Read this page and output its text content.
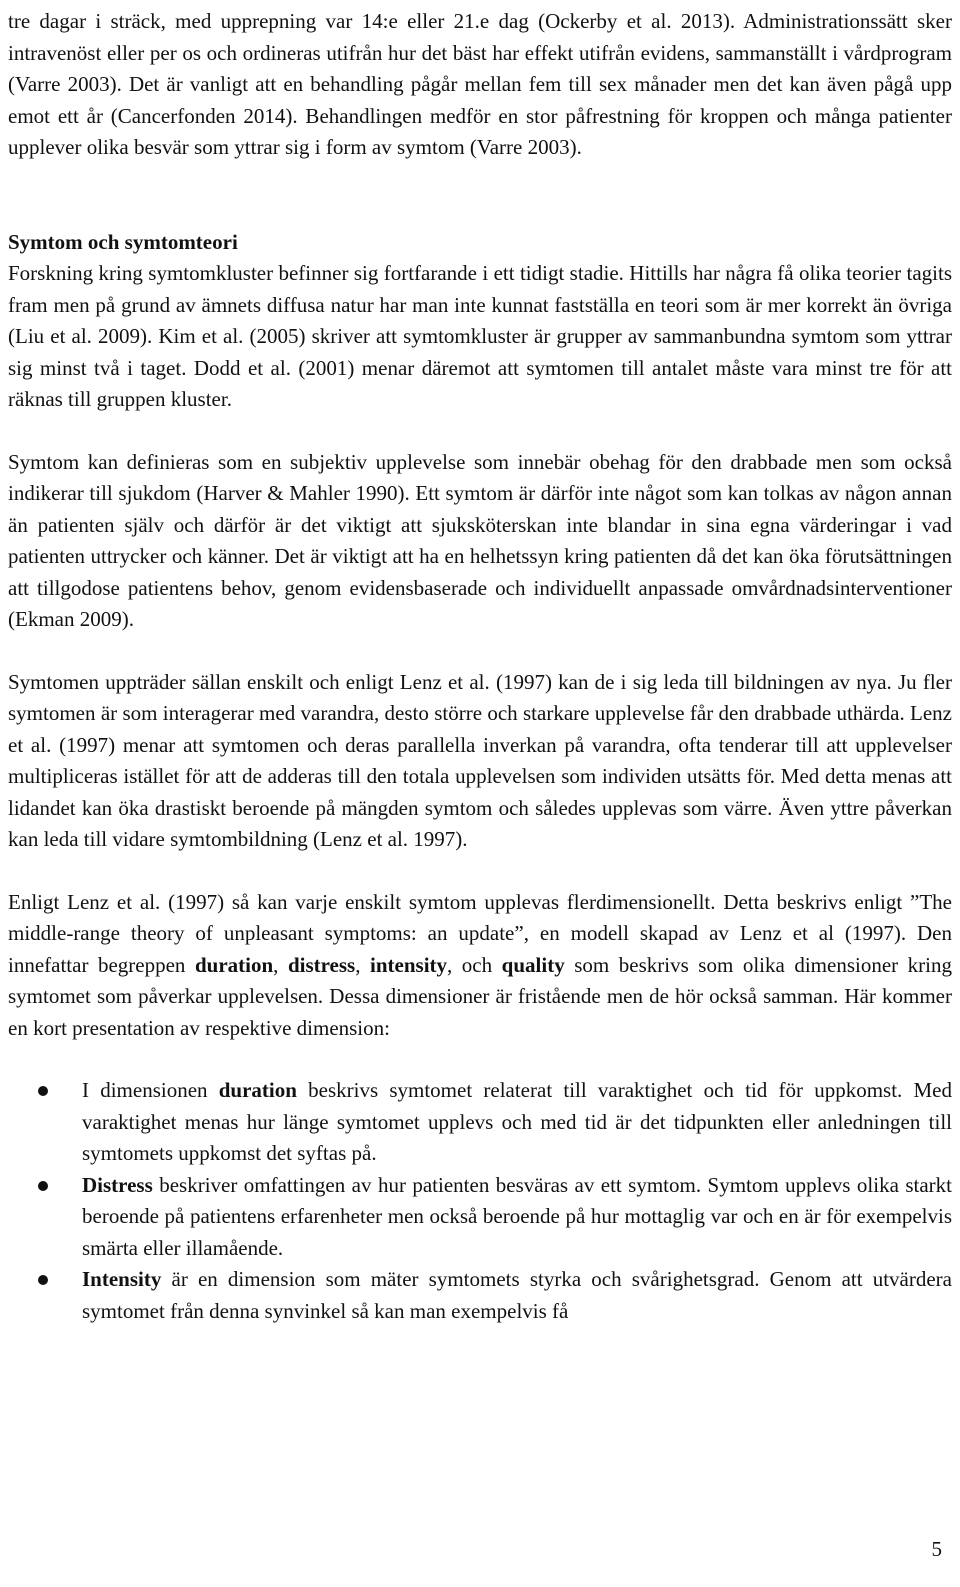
tre dagar i sträck, med upprepning var 14:e eller 21.e dag (Ockerby et al. 2013). Administrationssätt sker intravenöst eller per os och ordineras utifrån hur det bäst har effekt utifrån evidens, sammanställt i vårdprogram (Varre 2003). Det är vanligt att en behandling pågår mellan fem till sex månader men det kan även pågå upp emot ett år (Cancerfonden 2014). Behandlingen medför en stor påfrestning för kroppen och många patienter upplever olika besvär som yttrar sig i form av symtom (Varre 2003).

Symtom och symtomteori

Forskning kring symtomkluster befinner sig fortfarande i ett tidigt stadie. Hittills har några få olika teorier tagits fram men på grund av ämnets diffusa natur har man inte kunnat fastställa en teori som är mer korrekt än övriga (Liu et al. 2009). Kim et al. (2005) skriver att symtomkluster är grupper av sammanbundna symtom som yttrar sig minst två i taget. Dodd et al. (2001) menar däremot att symtomen till antalet måste vara minst tre för att räknas till gruppen kluster.

Symtom kan definieras som en subjektiv upplevelse som innebär obehag för den drabbade men som också indikerar till sjukdom (Harver & Mahler 1990). Ett symtom är därför inte något som kan tolkas av någon annan än patienten själv och därför är det viktigt att sjuksköterskan inte blandar in sina egna värderingar i vad patienten uttrycker och känner. Det är viktigt att ha en helhetssyn kring patienten då det kan öka förutsättningen att tillgodose patientens behov, genom evidensbaserade och individuellt anpassade omvårdnadsinterventioner (Ekman 2009).

Symtomen uppträder sällan enskilt och enligt Lenz et al. (1997) kan de i sig leda till bildningen av nya. Ju fler symtomen är som interagerar med varandra, desto större och starkare upplevelse får den drabbade uthärda. Lenz et al. (1997) menar att symtomen och deras parallella inverkan på varandra, ofta tenderar till att upplevelser multipliceras istället för att de adderas till den totala upplevelsen som individen utsätts för. Med detta menas att lidandet kan öka drastiskt beroende på mängden symtom och således upplevas som värre. Även yttre påverkan kan leda till vidare symtombildning (Lenz et al. 1997).

Enligt Lenz et al. (1997) så kan varje enskilt symtom upplevas flerdimensionellt. Detta beskrivs enligt ”The middle-range theory of unpleasant symptoms: an update”, en modell skapad av Lenz et al (1997). Den innefattar begreppen duration, distress, intensity, och quality som beskrivs som olika dimensioner kring symtomet som påverkar upplevelsen. Dessa dimensioner är fristående men de hör också samman. Här kommer en kort presentation av respektive dimension:

I dimensionen duration beskrivs symtomet relaterat till varaktighet och tid för uppkomst. Med varaktighet menas hur länge symtomet upplevs och med tid är det tidpunkten eller anledningen till symtomets uppkomst det syftas på.
Distress beskriver omfattingen av hur patienten besväras av ett symtom. Symtom upplevs olika starkt beroende på patientens erfarenheter men också beroende på hur mottaglig var och en är för exempelvis smärta eller illamående.
Intensity är en dimension som mäter symtomets styrka och svårighetsgrad. Genom att utvärdera symtomet från denna synvinkel så kan man exempelvis få
5
